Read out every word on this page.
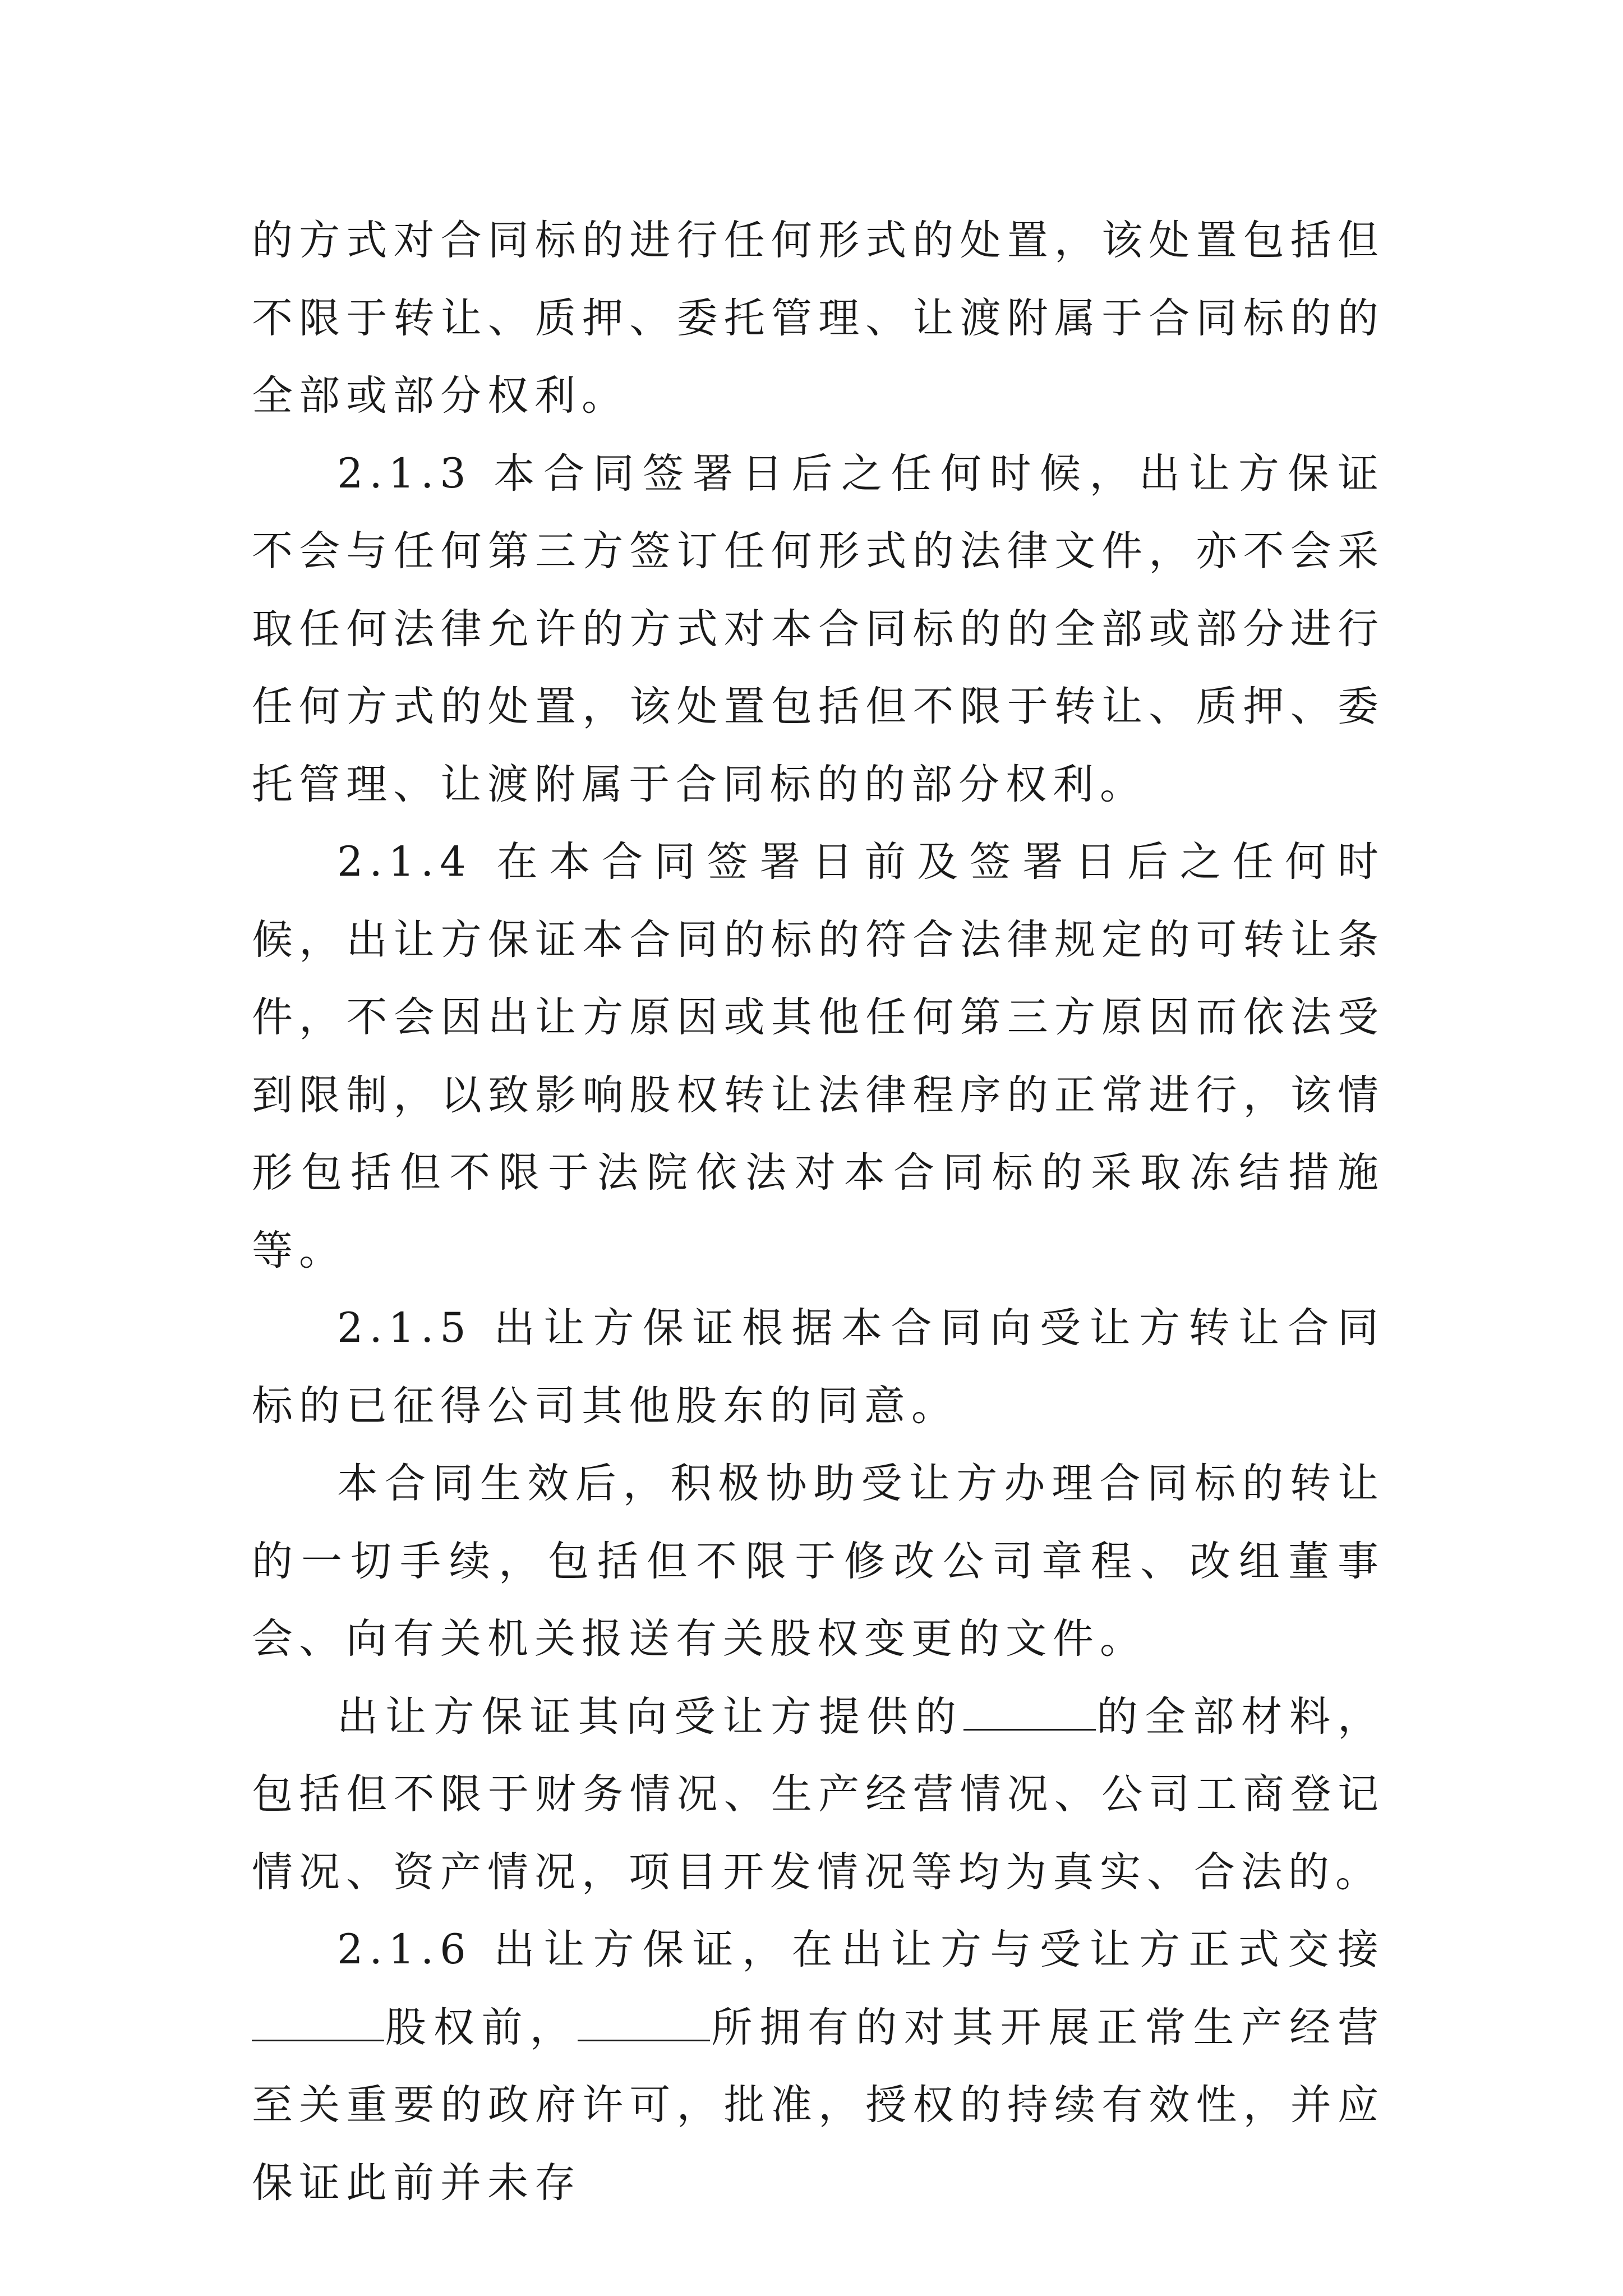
的方式对合同标的进行任何形式的处置，该处置包括但不限于转让、质押、委托管理、让渡附属于合同标的的全部或部分权利。

2.1.3 本合同签署日后之任何时候，出让方保证不会与任何第三方签订任何形式的法律文件，亦不会采取任何法律允许的方式对本合同标的的全部或部分进行任何方式的处置，该处置包括但不限于转让、质押、委托管理、让渡附属于合同标的的部分权利。

2.1.4 在本合同签署日前及签署日后之任何时候，出让方保证本合同的标的符合法律规定的可转让条件，不会因出让方原因或其他任何第三方原因而依法受到限制，以致影响股权转让法律程序的正常进行，该情形包括但不限于法院依法对本合同标的采取冻结措施等。

2.1.5 出让方保证根据本合同向受让方转让合同标的已征得公司其他股东的同意。

本合同生效后，积极协助受让方办理合同标的转让的一切手续，包括但不限于修改公司章程、改组董事会、向有关机关报送有关股权变更的文件。

出让方保证其向受让方提供的	的全部材料，包括但不限于财务情况、生产经营情况、公司工商登记情况、资产情况，项目开发情况等均为真实、合法的。

2.1.6 出让方保证，在出让方与受让方正式交接股权前，	所拥有的对其开展正常生产经营至关重要的政府许可，批准，授权的持续有效性，并应保证此前并未存
